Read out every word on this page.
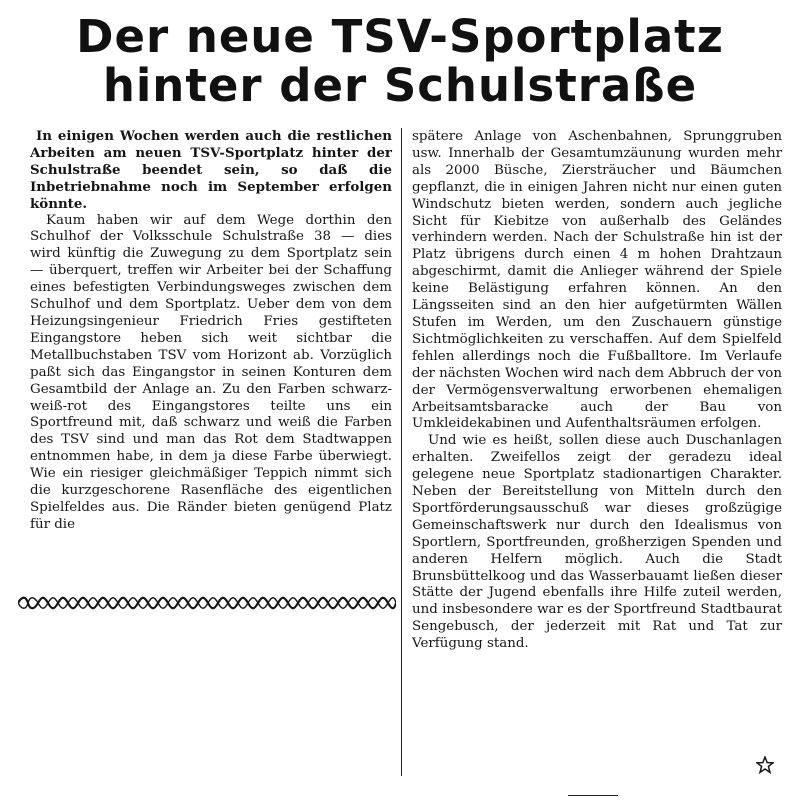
Der neue TSV-Sportplatz
hinter der Schulstraße

In einigen Wochen werden auch die restlichen Arbeiten am neuen TSV-Sportplatz hinter der Schulstraße beendet sein, so daß die Inbetriebnahme noch im September erfolgen könnte.

Kaum haben wir auf dem Wege dorthin den Schulhof der Volksschule Schulstraße 38 — dies wird künftig die Zuwegung zu dem Sportplatz sein — überquert, treffen wir Arbeiter bei der Schaffung eines befestigten Verbindungsweges zwischen dem Schulhof und dem Sportplatz. Ueber dem von dem Heizungsingenieur Friedrich Fries gestifteten Eingangstore heben sich weit sichtbar die Metallbuchstaben TSV vom Horizont ab. Vorzüglich paßt sich das Eingangstor in seinen Konturen dem Gesamtbild der Anlage an. Zu den Farben schwarz-weiß-rot des Eingangstores teilte uns ein Sportfreund mit, daß schwarz und weiß die Farben des TSV sind und man das Rot dem Stadtwappen entnommen habe, in dem ja diese Farbe überwiegt. Wie ein riesiger gleichmäßiger Teppich nimmt sich die kurzgeschorene Rasenfläche des eigentlichen Spielfeldes aus. Die Ränder bieten genügend Platz für die

spätere Anlage von Aschenbahnen, Sprunggruben usw. Innerhalb der Gesamtumzäunung wurden mehr als 2000 Büsche, Ziersträucher und Bäumchen gepflanzt, die in einigen Jahren nicht nur einen guten Windschutz bieten werden, sondern auch jegliche Sicht für Kiebitze von außerhalb des Geländes verhindern werden. Nach der Schulstraße hin ist der Platz übrigens durch einen 4 m hohen Drahtzaun abgeschirmt, damit die Anlieger während der Spiele keine Belästigung erfahren können. An den Längsseiten sind an den hier aufgetürmten Wällen Stufen im Werden, um den Zuschauern günstige Sichtmöglichkeiten zu verschaffen. Auf dem Spielfeld fehlen allerdings noch die Fußballtore. Im Verlaufe der nächsten Wochen wird nach dem Abbruch der von der Vermögensverwaltung erworbenen ehemaligen Arbeitsamtsbaracke auch der Bau von Umkleidekabinen und Aufenthaltsräumen erfolgen.

Und wie es heißt, sollen diese auch Duschanlagen erhalten. Zweifellos zeigt der geradezu ideal gelegene neue Sportplatz stadionartigen Charakter. Neben der Bereitstellung von Mitteln durch den Sportförderungsausschuß war dieses großzügige Gemeinschaftswerk nur durch den Idealismus von Sportlern, Sportfreunden, großherzigen Spenden und anderen Helfern möglich. Auch die Stadt Brunsbüttelkoog und das Wasserbauamt ließen dieser Stätte der Jugend ebenfalls ihre Hilfe zuteil werden, und insbesondere war es der Sportfreund Stadtbaurat Sengebusch, der jederzeit mit Rat und Tat zur Verfügung stand.
